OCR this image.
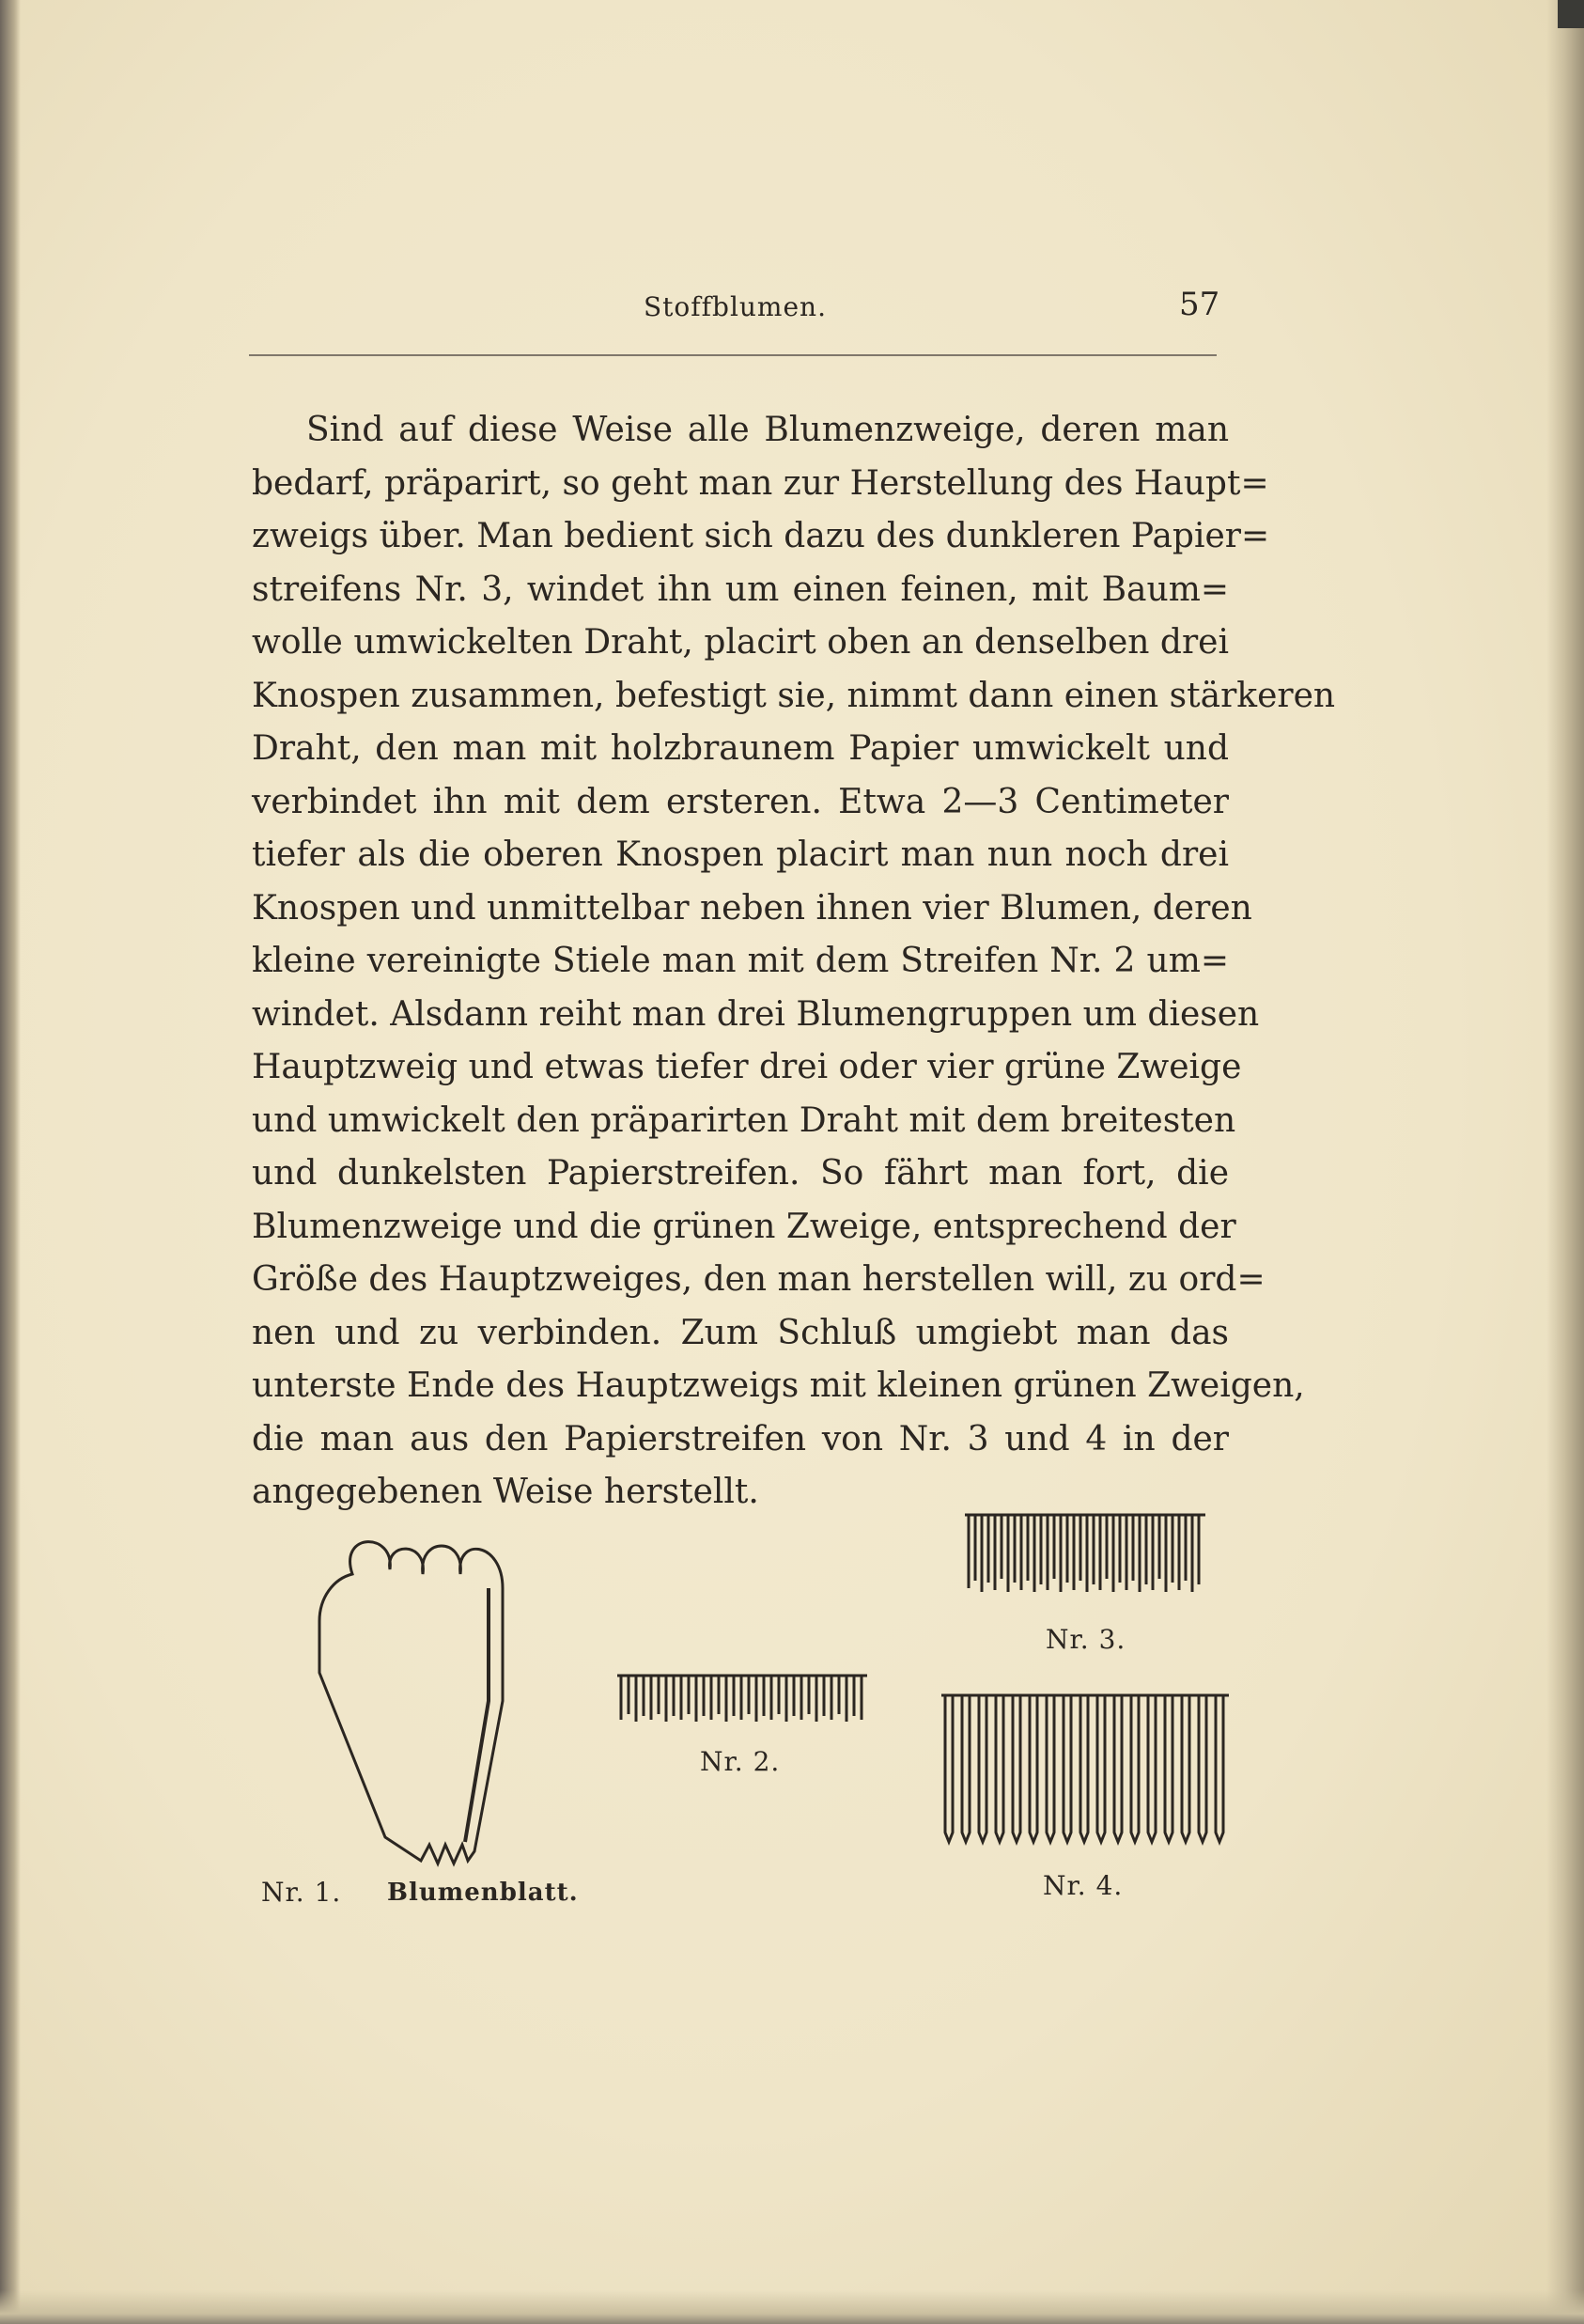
Stoffblumen.	57
Sind auf diese Weise alle Blumenzweige, deren man
bedarf, präparirt, so geht man zur Herstellung des Haupt=
zweigs über. Man bedient sich dazu des dunkleren Papier=
streifens Nr. 3, windet ihn um einen feinen, mit Baum=
wolle umwickelten Draht, placirt oben an denselben drei
Knospen zusammen, befestigt sie, nimmt dann einen stärkeren
Draht, den man mit holzbraunem Papier umwickelt und
verbindet ihn mit dem ersteren. Etwa 2—3 Centimeter
tiefer als die oberen Knospen placirt man nun noch drei
Knospen und unmittelbar neben ihnen vier Blumen, deren
kleine vereinigte Stiele man mit dem Streifen Nr. 2 um=
windet. Alsdann reiht man drei Blumengruppen um diesen
Hauptzweig und etwas tiefer drei oder vier grüne Zweige
und umwickelt den präparirten Draht mit dem breitesten
und dunkelsten Papierstreifen. So fährt man fort, die
Blumenzweige und die grünen Zweige, entsprechend der
Größe des Hauptzweiges, den man herstellen will, zu ord=
nen und zu verbinden. Zum Schluß umgiebt man das
unterste Ende des Hauptzweigs mit kleinen grünen Zweigen,
die man aus den Papierstreifen von Nr. 3 und 4 in der
angegebenen Weise herstellt.
Nr. 1. Blumenblatt.
Nr. 2.
Nr. 3.
Nr. 4.
